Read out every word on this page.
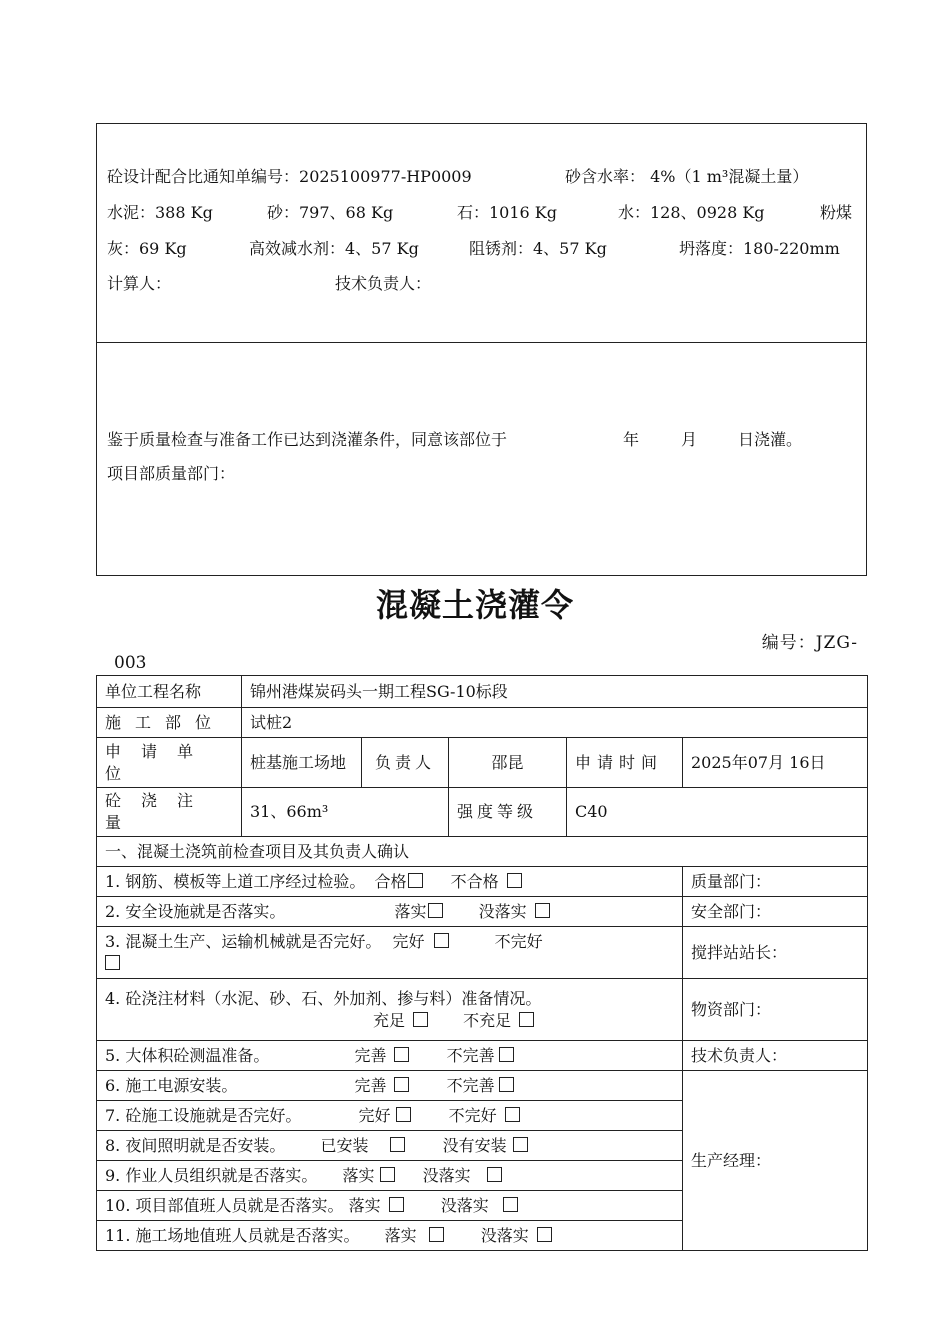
砼设计配合比通知单编号：2025100977-HP0009	砂含水率： 4%（1 m³混凝土量）
水泥：388 Kg	砂：797、68 Kg	石：1016 Kg	水：128、0928 Kg	粉煤
灰：69 Kg	高效减水剂：4、57 Kg	阻锈剂：4、57 Kg	坍落度：180-220mm
计算人：	技术负责人：
鉴于质量检查与准备工作已达到浇灌条件，同意该部位于	年	月	日浇灌。
项目部质量部门：
混凝土浇灌令
编号：JZG-
003
单位工程名称	锦州港煤炭码头一期工程SG-10标段				
施工部位	试桩2				
申请单位	桩基施工场地	负责人	邵昆	申请时间	2025年07月 16日
砼浇注量	31、66m³		强度等级	C40	
一、混凝土浇筑前检查项目及其负责人确认					
1. 钢筋、模板等上道工序经过检验。 合格 不合格					质量部门：
2. 安全设施就是否落实。 落实 没落实					安全部门：
3. 混凝土生产、运输机械就是否完好。 完好 不完好					搅拌站站长：
4. 砼浇注材料（水泥、砂、石、外加剂、掺与料）准备情况。
充足 不充足					物资部门：
5. 大体积砼测温准备。 完善 不完善					技术负责人：
6. 施工电源安装。 完善 不完善					生产经理：
7. 砼施工设施就是否完好。 完好 不完好					
8. 夜间照明就是否安装。 已安装 没有安装					
9. 作业人员组织就是否落实。 落实 没落实					
10. 项目部值班人员就是否落实。 落实 没落实					
11. 施工场地值班人员就是否落实。 落实 没落实					
